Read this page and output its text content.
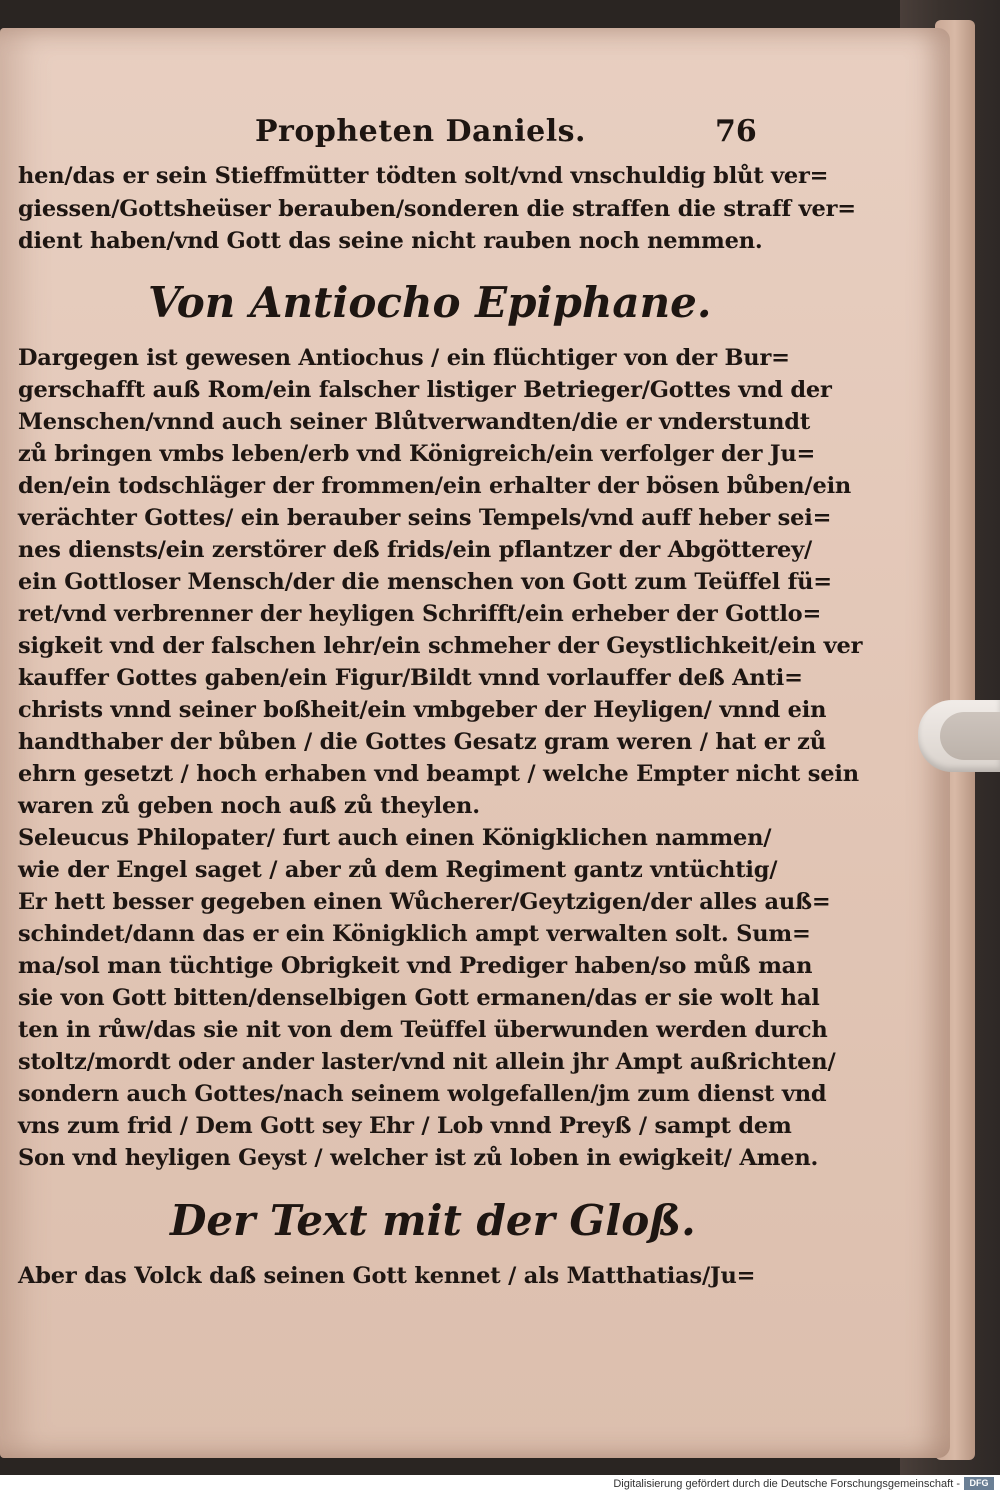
Propheten Daniels.	76
hen/das er sein Stieffmütter tödten solt/vnd vnschuldig blůt ver=
giessen/Gottsheüser berauben/sonderen die straffen die straff ver=
dient haben/vnd Gott das seine nicht rauben noch nemmen.
Von Antiocho Epiphane.
Dargegen ist gewesen Antiochus / ein flüchtiger von der Bur=
gerschafft auß Rom/ein falscher listiger Betrieger/Gottes vnd der
Menschen/vnnd auch seiner Blůtverwandten/die er vnderstundt
zů bringen vmbs leben/erb vnd Königreich/ein verfolger der Ju=
den/ein todschläger der frommen/ein erhalter der bösen bůben/ein
verächter Gottes/ ein berauber seins Tempels/vnd auff heber sei=
nes diensts/ein zerstörer deß frids/ein pflantzer der Abgötterey/
ein Gottloser Mensch/der die menschen von Gott zum Teüffel fü=
ret/vnd verbrenner der heyligen Schrifft/ein erheber der Gottlo=
sigkeit vnd der falschen lehr/ein schmeher der Geystlichkeit/ein ver
kauffer Gottes gaben/ein Figur/Bildt vnnd vorlauffer deß Anti=
christs vnnd seiner boßheit/ein vmbgeber der Heyligen/ vnnd ein
handthaber der bůben / die Gottes Gesatz gram weren / hat er zů
ehrn gesetzt / hoch erhaben vnd beampt / welche Empter nicht sein
waren zů geben noch auß zů theylen.
Seleucus Philopater/ furt auch einen Königklichen nammen/
wie der Engel saget / aber zů dem Regiment gantz vntüchtig/
Er hett besser gegeben einen Wůcherer/Geytzigen/der alles auß=
schindet/dann das er ein Königklich ampt verwalten solt. Sum=
ma/sol man tüchtige Obrigkeit vnd Prediger haben/so můß man
sie von Gott bitten/denselbigen Gott ermanen/das er sie wolt hal
ten in růw/das sie nit von dem Teüffel überwunden werden durch
stoltz/mordt oder ander laster/vnd nit allein jhr Ampt außrichten/
sondern auch Gottes/nach seinem wolgefallen/jm zum dienst vnd
vns zum frid / Dem Gott sey Ehr / Lob vnnd Preyß / sampt dem
Son vnd heyligen Geyst / welcher ist zů loben in ewigkeit/ Amen.
Der Text mit der Gloß.
Aber das Volck daß seinen Gott kennet / als Matthatias/Ju=
Digitalisierung gefördert durch die Deutsche Forschungsgemeinschaft -	DFG
